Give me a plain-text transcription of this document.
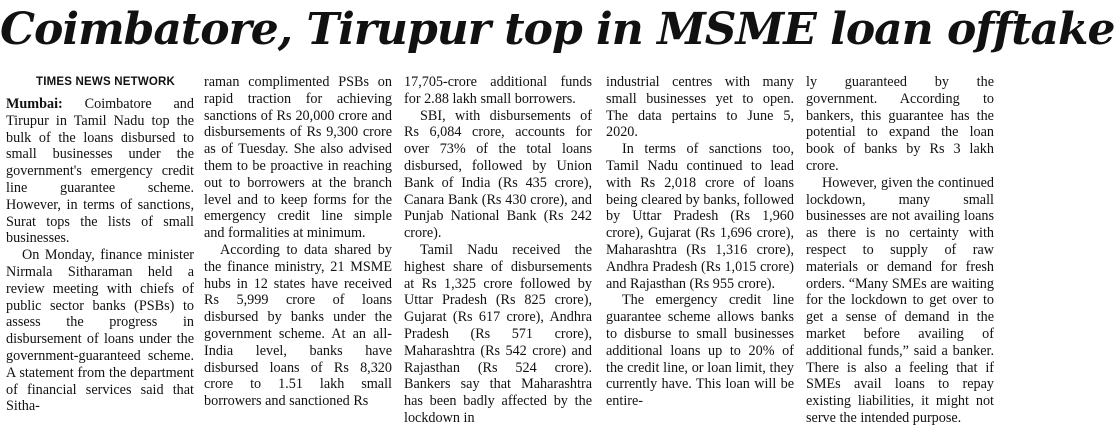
Coimbatore, Tirupur top in MSME loan offtake
TIMES NEWS NETWORK

Mumbai: Coimbatore and Tirupur in Tamil Nadu top the bulk of the loans disbursed to small businesses under the government's emergency credit line guarantee scheme. However, in terms of sanctions, Surat tops the lists of small businesses.

On Monday, finance minister Nirmala Sitharaman held a review meeting with chiefs of public sector banks (PSBs) to assess the progress in disbursement of loans under the government-guaranteed scheme. A statement from the department of financial services said that Sitha-

raman complimented PSBs on rapid traction for achieving sanctions of Rs 20,000 crore and disbursements of Rs 9,300 crore as of Tuesday. She also advised them to be proactive in reaching out to borrowers at the branch level and to keep forms for the emergency credit line simple and formalities at minimum.

According to data shared by the finance ministry, 21 MSME hubs in 12 states have received Rs 5,999 crore of loans disbursed by banks under the government scheme. At an all-India level, banks have disbursed loans of Rs 8,320 crore to 1.51 lakh small borrowers and sanctioned Rs

17,705-crore additional funds for 2.88 lakh small borrowers.

SBI, with disbursements of Rs 6,084 crore, accounts for over 73% of the total loans disbursed, followed by Union Bank of India (Rs 435 crore), Canara Bank (Rs 430 crore), and Punjab National Bank (Rs 242 crore).

Tamil Nadu received the highest share of disbursements at Rs 1,325 crore followed by Uttar Pradesh (Rs 825 crore), Gujarat (Rs 617 crore), Andhra Pradesh (Rs 571 crore), Maharashtra (Rs 542 crore) and Rajasthan (Rs 524 crore). Bankers say that Maharashtra has been badly affected by the lockdown in

industrial centres with many small businesses yet to open. The data pertains to June 5, 2020.

In terms of sanctions too, Tamil Nadu continued to lead with Rs 2,018 crore of loans being cleared by banks, followed by Uttar Pradesh (Rs 1,960 crore), Gujarat (Rs 1,696 crore), Maharashtra (Rs 1,316 crore), Andhra Pradesh (Rs 1,015 crore) and Rajasthan (Rs 955 crore).

The emergency credit line guarantee scheme allows banks to disburse to small businesses additional loans up to 20% of the credit line, or loan limit, they currently have. This loan will be entire-

ly guaranteed by the government. According to bankers, this guarantee has the potential to expand the loan book of banks by Rs 3 lakh crore.

However, given the continued lockdown, many small businesses are not availing loans as there is no certainty with respect to supply of raw materials or demand for fresh orders. “Many SMEs are waiting for the lockdown to get over to get a sense of demand in the market before availing of additional funds,” said a banker. There is also a feeling that if SMEs avail loans to repay existing liabilities, it might not serve the intended purpose.
